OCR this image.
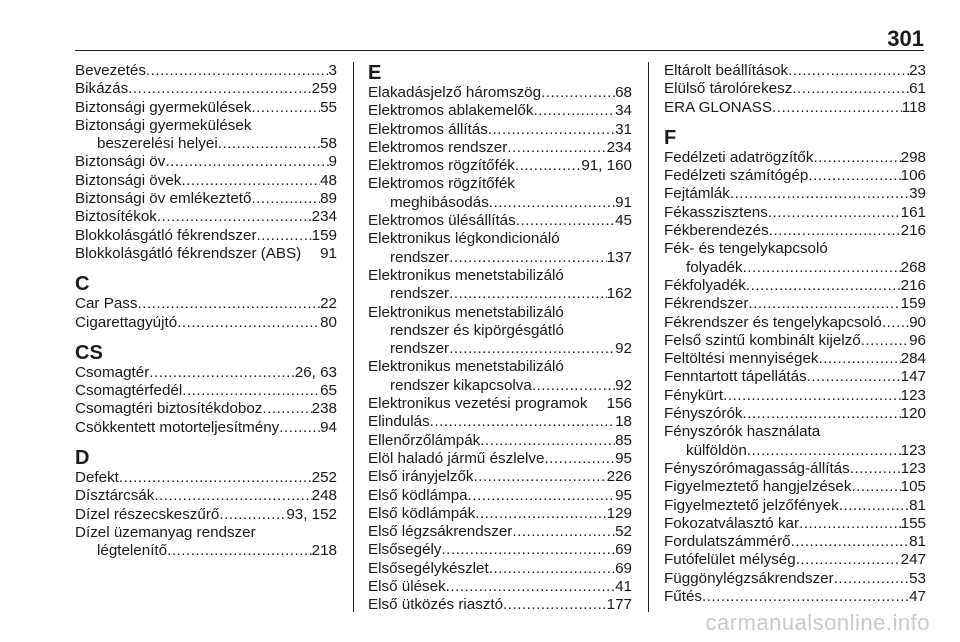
301
Bevezetés .....	3
Bikázás .....	259
Biztonsági gyermekülések .....	55
Biztonsági gyermekülések
beszerelési helyei .....	58
Biztonsági öv .....	9
Biztonsági övek .....	48
Biztonsági öv emlékeztető .....	89
Biztosítékok .....	234
Blokkolásgátló fékrendszer .....	159
Blokkolásgátló fékrendszer (ABS)	91
C
Car Pass .....	22
Cigarettagyújtó .....	80
CS
Csomagtér .....	26, 63
Csomagtérfedél .....	65
Csomagtéri biztosítékdoboz .....	238
Csökkentett motorteljesítmény .....	94
D
Defekt .....	252
Dísztárcsák .....	248
Dízel részecskeszűrő .....	93, 152
Dízel üzemanyag rendszer
légtelenítő .....	218
E
Elakadásjelző háromszög .....	68
Elektromos ablakemelők .....	34
Elektromos állítás .....	31
Elektromos rendszer .....	234
Elektromos rögzítőfék .....	91, 160
Elektromos rögzítőfék
meghibásodás .....	91
Elektromos ülésállítás .....	45
Elektronikus légkondicionáló
rendszer .....	137
Elektronikus menetstabilizáló
rendszer .....	162
Elektronikus menetstabilizáló
rendszer és kipörgésgátló
rendszer .....	92
Elektronikus menetstabilizáló
rendszer kikapcsolva .....	92
Elektronikus vezetési programok	156
Elindulás .....	18
Ellenőrzőlámpák .....	85
Elöl haladó jármű észlelve .....	95
Első irányjelzők .....	226
Első ködlámpa .....	95
Első ködlámpák .....	129
Első légzsákrendszer .....	52
Elsősegély .....	69
Elsősegélykészlet .....	69
Első ülések .....	41
Első ütközés riasztó .....	177
Eltárolt beállítások .....	23
Elülső tárolórekesz .....	61
ERA GLONASS .....	118
F
Fedélzeti adatrögzítők .....	298
Fedélzeti számítógép .....	106
Fejtámlák .....	39
Fékasszisztens .....	161
Fékberendezés .....	216
Fék- és tengelykapcsoló
folyadék .....	268
Fékfolyadék .....	216
Fékrendszer .....	159
Fékrendszer és tengelykapcsoló ..... 90
Felső szintű kombinált kijelző .....	96
Feltöltési mennyiségek .....	284
Fenntartott tápellátás .....	147
Fénykürt .....	123
Fényszórók .....	120
Fényszórók használata
külföldön .....	123
Fényszórómagasság-állítás .....	123
Figyelmeztető hangjelzések .....	105
Figyelmeztető jelzőfények .....	81
Fokozatválasztó kar .....	155
Fordulatszámmérő .....	81
Futófelület mélység .....	247
Függönylégzsákrendszer .....	53
Fűtés .....	47
carmanualsonline.info
